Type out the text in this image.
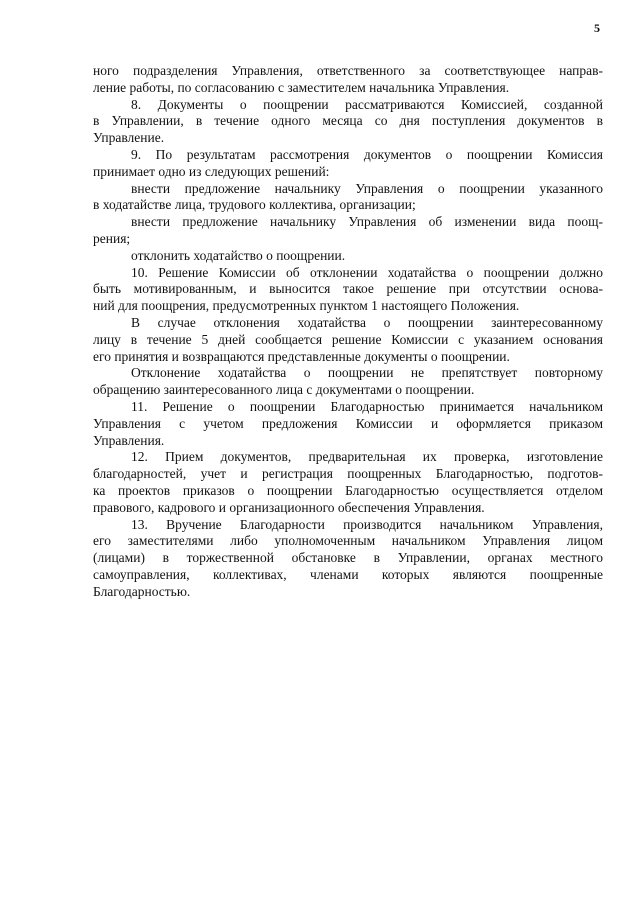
5
ного подразделения Управления, ответственного за соответствующее направ-
ление работы, по согласованию с заместителем начальника Управления.
8. Документы о поощрении рассматриваются Комиссией, созданной
в Управлении, в течение одного месяца со дня поступления документов в
Управление.
9. По результатам рассмотрения документов о поощрении Комиссия
принимает одно из следующих решений:
внести предложение начальнику Управления о поощрении указанного
в ходатайстве лица, трудового коллектива, организации;
внести предложение начальнику Управления об изменении вида поощ-
рения;
отклонить ходатайство о поощрении.
10. Решение Комиссии об отклонении ходатайства о поощрении должно
быть мотивированным, и выносится такое решение при отсутствии основа-
ний для поощрения, предусмотренных пунктом 1 настоящего Положения.
В случае отклонения ходатайства о поощрении заинтересованному
лицу в течение 5 дней сообщается решение Комиссии с указанием основания
его принятия и возвращаются представленные документы о поощрении.
Отклонение ходатайства о поощрении не препятствует повторному
обращению заинтересованного лица с документами о поощрении.
11. Решение о поощрении Благодарностью принимается начальником
Управления с учетом предложения Комиссии и оформляется приказом
Управления.
12. Прием документов, предварительная их проверка, изготовление
благодарностей, учет и регистрация поощренных Благодарностью, подготов-
ка проектов приказов о поощрении Благодарностью осуществляется отделом
правового, кадрового и организационного обеспечения Управления.
13. Вручение Благодарности производится начальником Управления,
его заместителями либо уполномоченным начальником Управления лицом
(лицами) в торжественной обстановке в Управлении, органах местного
самоуправления, коллективах, членами которых являются поощренные
Благодарностью.
